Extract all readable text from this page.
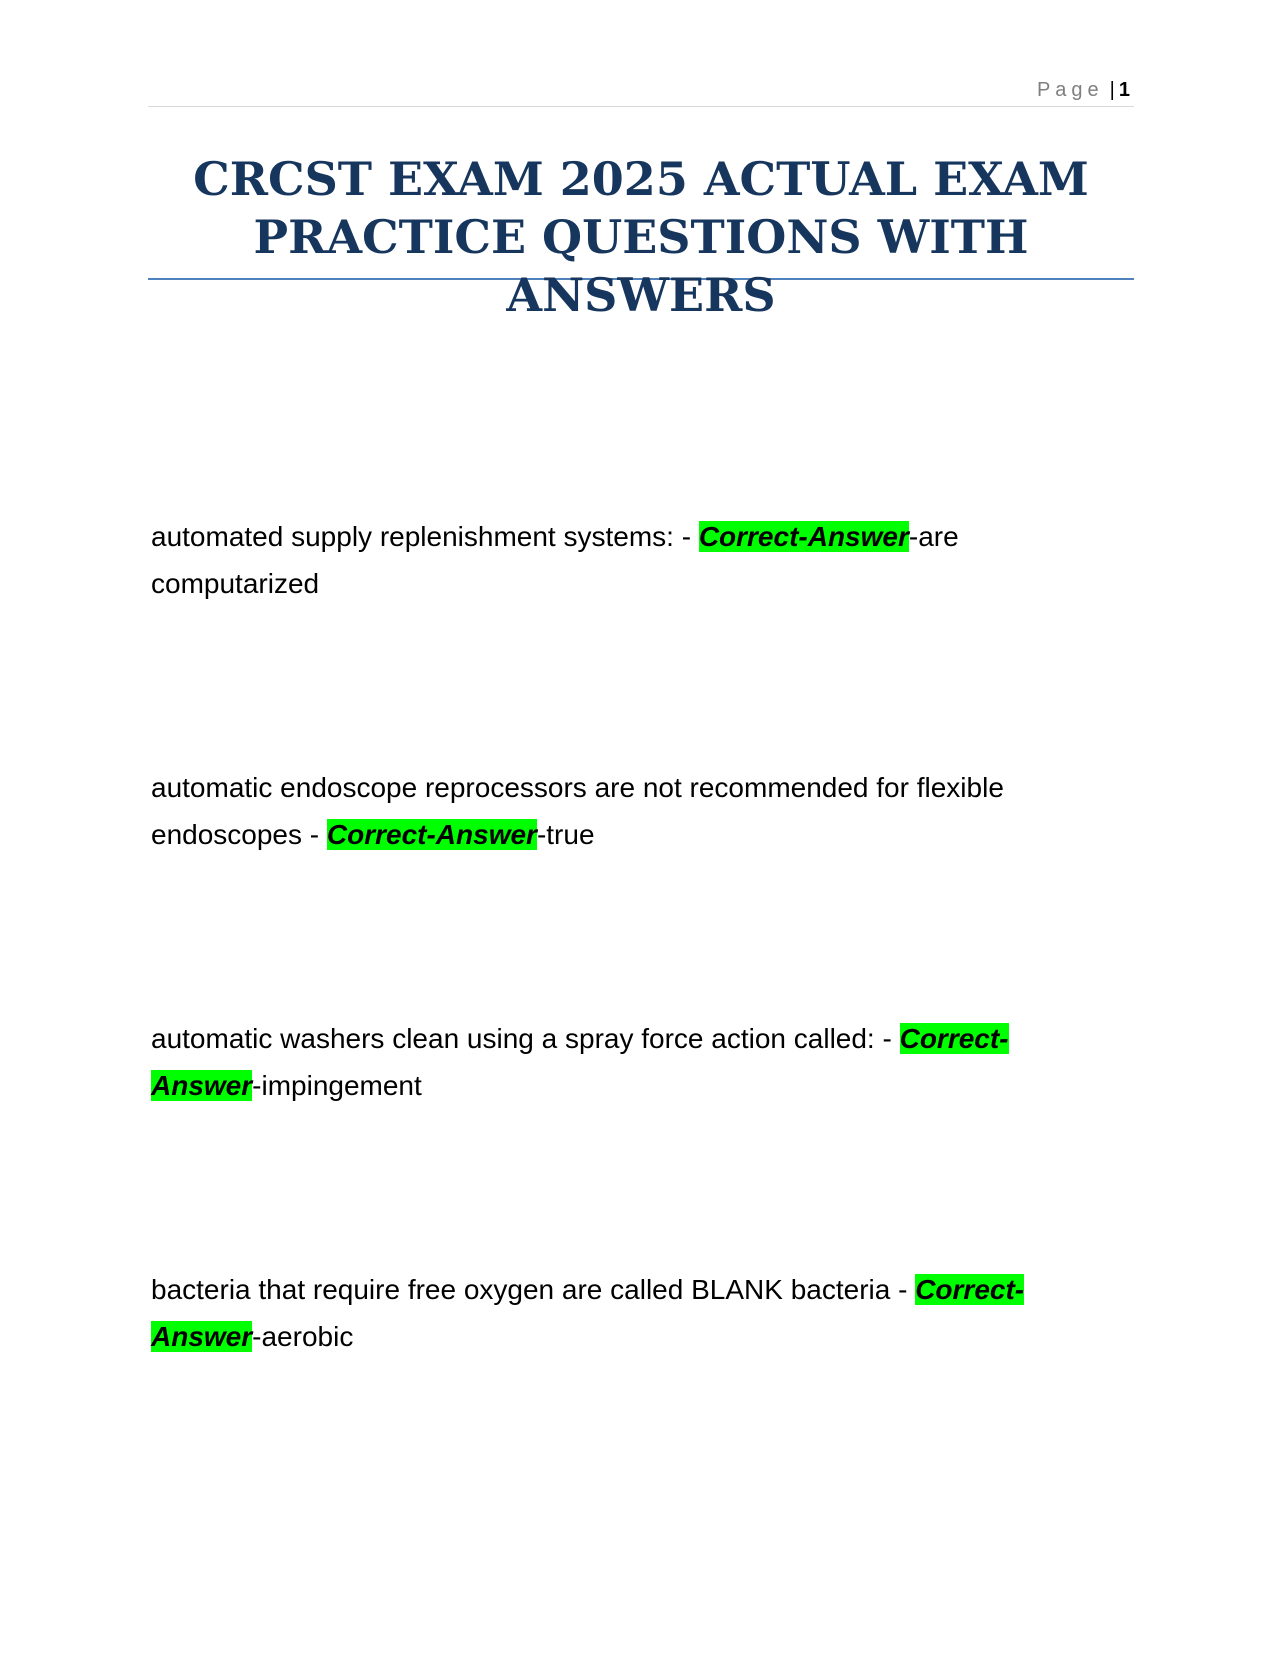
Page | 1
CRCST EXAM 2025 ACTUAL EXAM
PRACTICE QUESTIONS WITH ANSWERS

automated supply replenishment systems: - Correct-Answer-are computarized

automatic endoscope reprocessors are not recommended for flexible endoscopes - Correct-Answer-true

automatic washers clean using a spray force action called: - Correct-
Answer-impingement

bacteria that require free oxygen are called BLANK bacteria - Correct-
Answer-aerobic
